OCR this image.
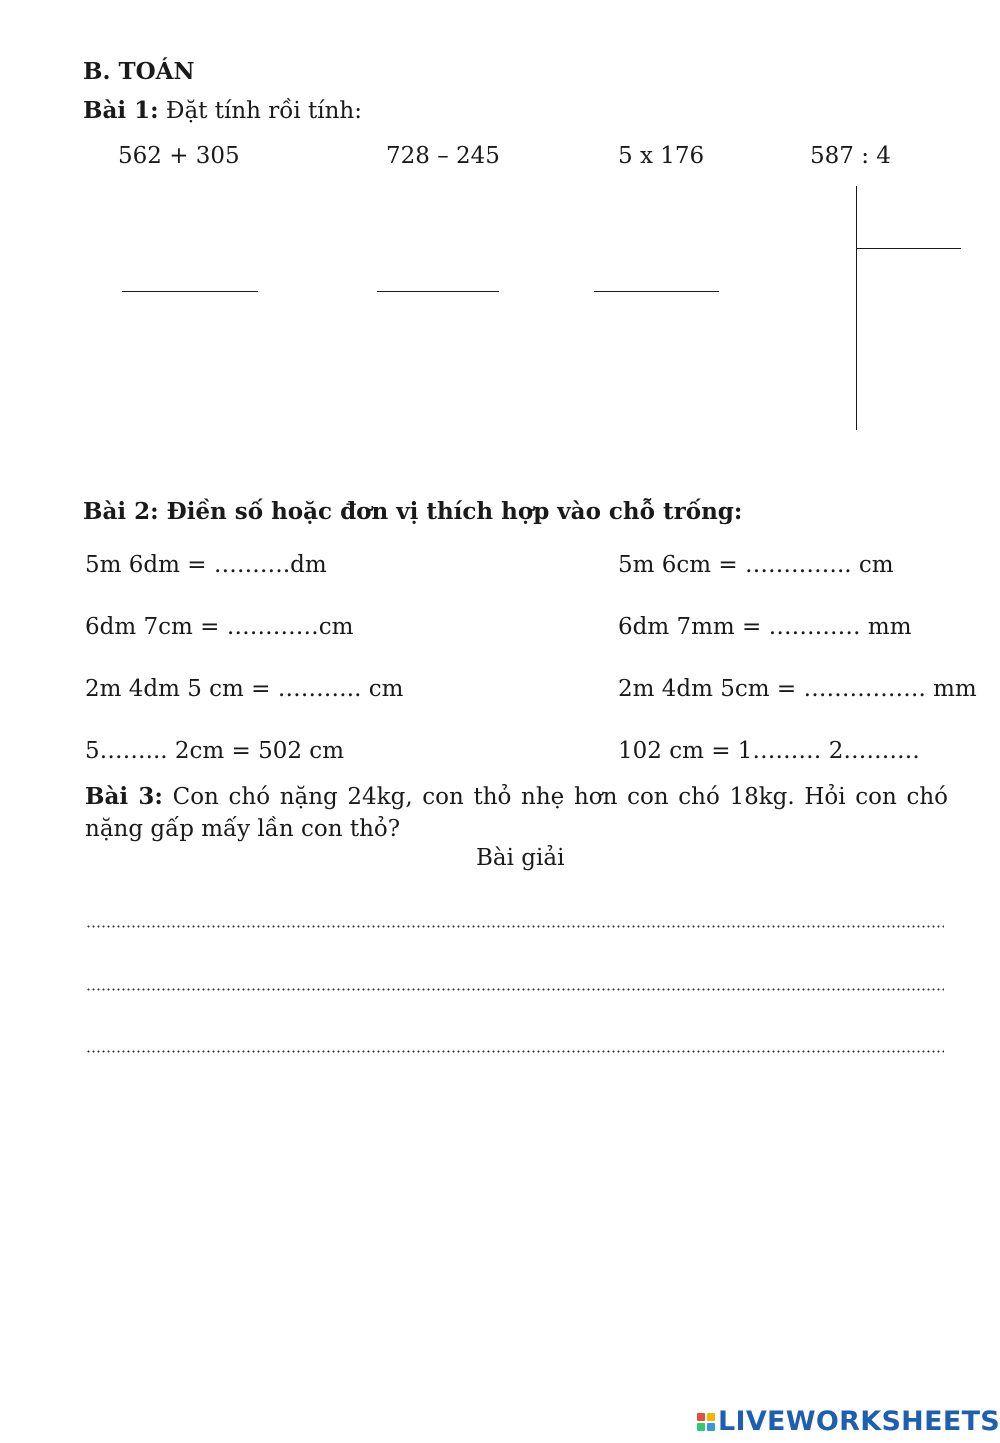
B. TOÁN
Bài 1: Đặt tính rồi tính:
562 + 305	728 – 245	5 x 176	587 : 4
Bài 2: Điền số hoặc đơn vị thích hợp vào chỗ trống:
5m 6dm = ……….dm	5m 6cm = ………….. cm
6dm 7cm = …………cm	6dm 7mm = ………… mm
2m 4dm 5 cm = ……….. cm	2m 4dm 5cm = ……………. mm
5……... 2cm = 502 cm	102 cm = 1……… 2……….
Bài 3: Con chó nặng 24kg, con thỏ nhẹ hơn con chó 18kg. Hỏi con chó nặng gấp mấy lần con thỏ?
Bài giải
LIVEWORKSHEETS
